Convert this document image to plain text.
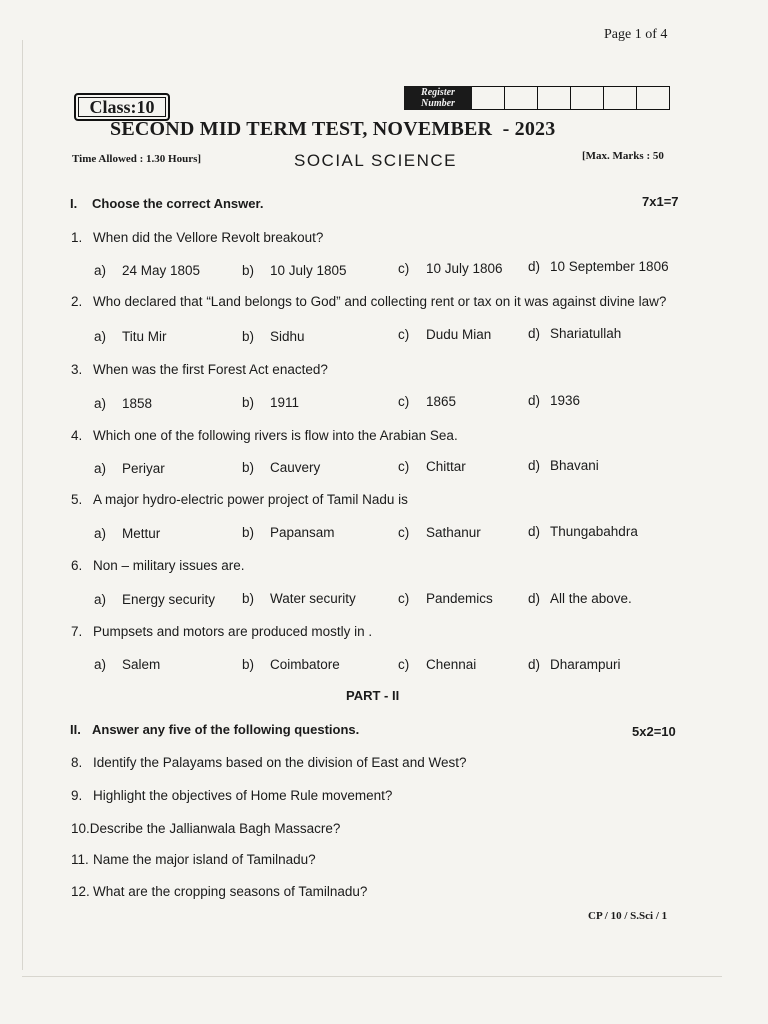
Page 1 of 4
Class:10
Register
Number
SECOND MID TERM TEST, NOVEMBER  - 2023
Time Allowed : 1.30 Hours]	SOCIAL SCIENCE	[Max. Marks : 50
I. Choose the correct Answer.	7x1=7
1. When did the Vellore Revolt breakout?
a) 24 May 1805	b) 10 July 1805	c) 10 July 1806 d) 10 September 1806
2. Who declared that “Land belongs to God” and collecting rent or tax on it was against divine law?
a) Titu Mir	b) Sidhu	c) Dudu Mian	d) Shariatullah
3. When was the first Forest Act enacted?
a) 1858	b) 1911	c) 1865	d) 1936
4. Which one of the following rivers is flow into the Arabian Sea.
a) Periyar	b) Cauvery	c) Chittar	d) Bhavani
5. A major hydro-electric power project of Tamil Nadu is
a) Mettur	b) Papansam	c) Sathanur	d) Thungabahdra
6. Non – military issues are.
a) Energy security b) Water security	c) Pandemics	d) All the above.
7. Pumpsets and motors are produced mostly in .
a) Salem	b) Coimbatore	c) Chennai	d) Dharampuri
PART - II
II. Answer any five of the following questions.	5x2=10
8. Identify the Palayams based on the division of East and West?
9. Highlight the objectives of Home Rule movement?
10.Describe the Jallianwala Bagh Massacre?
11. Name the major island of Tamilnadu?
12. What are the cropping seasons of Tamilnadu?
CP / 10 / S.Sci / 1
